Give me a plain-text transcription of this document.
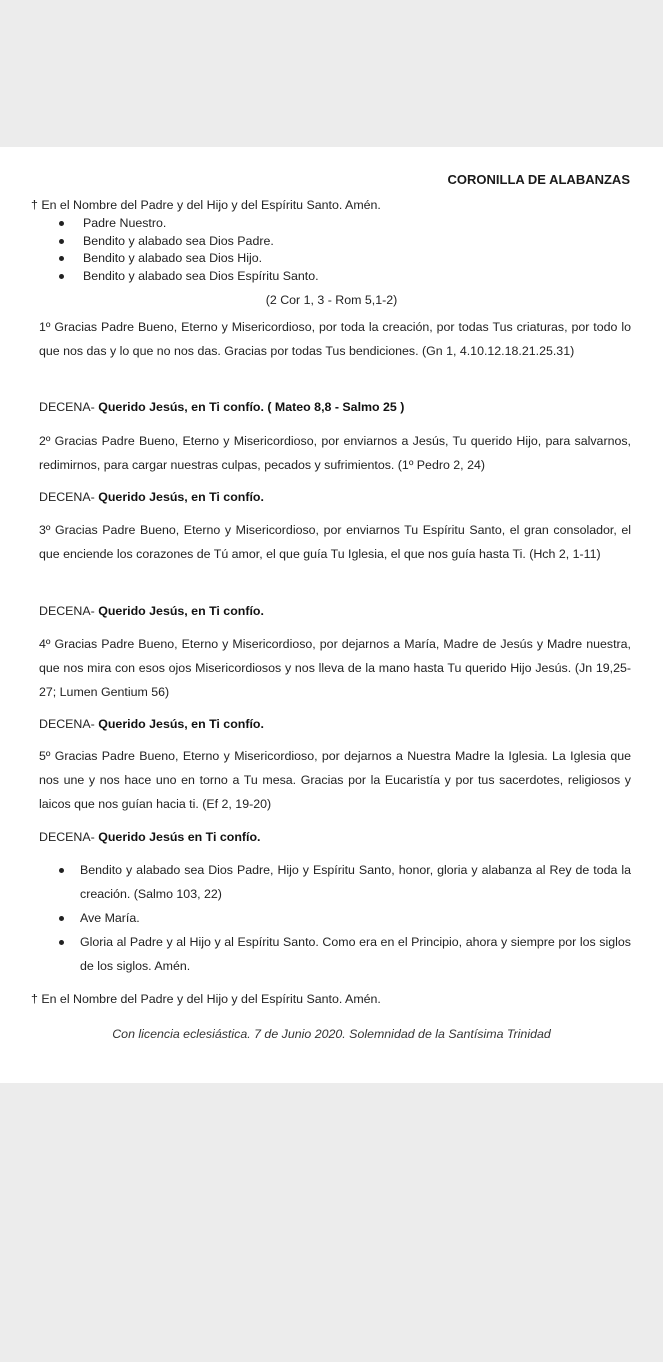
CORONILLA DE ALABANZAS
† En el Nombre del Padre y del Hijo y del Espíritu Santo. Amén.
Padre Nuestro.
Bendito y alabado sea Dios Padre.
Bendito y alabado sea Dios Hijo.
Bendito y alabado sea Dios Espíritu Santo.
(2 Cor 1, 3 - Rom 5,1-2)
1º Gracias Padre Bueno, Eterno y Misericordioso, por toda la creación, por todas Tus criaturas, por todo lo que nos das y lo que no nos das. Gracias por todas Tus bendiciones. (Gn 1, 4.10.12.18.21.25.31)
DECENA- Querido Jesús, en Ti confío. ( Mateo 8,8 - Salmo 25 )
2º Gracias Padre Bueno, Eterno y Misericordioso, por enviarnos a Jesús, Tu querido Hijo, para salvarnos, redimirnos, para cargar nuestras culpas, pecados y sufrimientos. (1º Pedro 2, 24)
DECENA- Querido Jesús, en Ti confío.
3º Gracias Padre Bueno, Eterno y Misericordioso, por enviarnos Tu Espíritu Santo, el gran consolador, el que enciende los corazones de Tú amor, el que guía Tu Iglesia, el que nos guía hasta Ti. (Hch 2, 1-11)
DECENA- Querido Jesús, en Ti confío.
4º Gracias Padre Bueno, Eterno y Misericordioso, por dejarnos a María, Madre de Jesús y Madre nuestra, que nos mira con esos ojos Misericordiosos y nos lleva de la mano hasta Tu querido Hijo Jesús. (Jn 19,25-27; Lumen Gentium 56)
DECENA- Querido Jesús, en Ti confío.
5º Gracias Padre Bueno, Eterno y Misericordioso, por dejarnos a Nuestra Madre la Iglesia. La Iglesia que nos une y nos hace uno en torno a Tu mesa. Gracias por la Eucaristía y por tus sacerdotes, religiosos y laicos que nos guían hacia ti. (Ef 2, 19-20)
DECENA- Querido Jesús en Ti confío.
Bendito y alabado sea Dios Padre, Hijo y Espíritu Santo, honor, gloria y alabanza al Rey de toda la creación. (Salmo 103, 22)
Ave María.
Gloria al Padre y al Hijo y al Espíritu Santo. Como era en el Principio, ahora y siempre por los siglos de los siglos. Amén.
† En el Nombre del Padre y del Hijo y del Espíritu Santo. Amén.
Con licencia eclesiástica. 7 de Junio 2020. Solemnidad de la Santísima Trinidad
